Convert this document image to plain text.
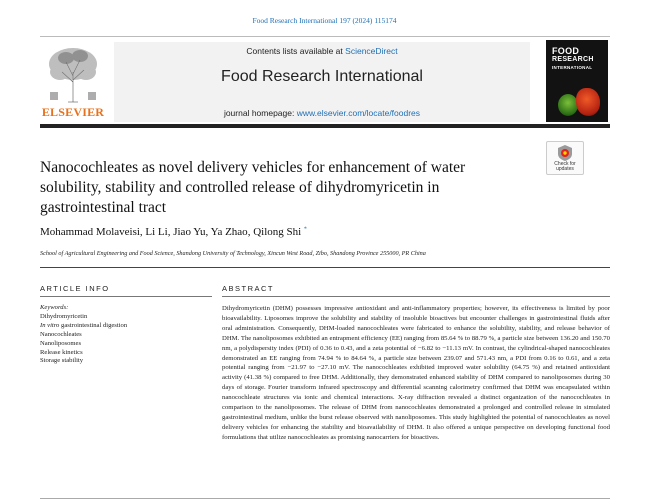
Food Research International 197 (2024) 115174
ELSEVIER
Contents lists available at ScienceDirect
Food Research International
journal homepage: www.elsevier.com/locate/foodres
FOOD
RESEARCH
INTERNATIONAL
Check for
updates
Nanocochleates as novel delivery vehicles for enhancement of water solubility, stability and controlled release of dihydromyricetin in gastrointestinal tract
Mohammad Molaveisi, Li Li, Jiao Yu, Ya Zhao, Qilong Shi *
School of Agricultural Engineering and Food Science, Shandong University of Technology, Xincun West Road, Zibo, Shandong Province 255000, PR China
ARTICLE INFO
Keywords:
Dihydromyricetin
In vitro gastrointestinal digestion
Nanocochleates
Nanoliposomes
Release kinetics
Storage stability
ABSTRACT
Dihydromyricetin (DHM) possesses impressive antioxidant and anti-inflammatory properties; however, its effectiveness is limited by poor bioavailability. Liposomes improve the solubility and stability of insoluble bioactives but encounter challenges in gastrointestinal fluids after oral administration. Consequently, DHM-loaded nanocochleates were fabricated to enhance the solubility, stability, and release behavior of DHM. The nanoliposomes exhibited an entrapment efficiency (EE) ranging from 85.64 % to 88.79 %, a particle size between 136.20 and 150.70 nm, a polydispersity index (PDI) of 0.36 to 0.43, and a zeta potential of −6.82 to −11.13 mV. In contrast, the cylindrical-shaped nanocochleates demonstrated an EE ranging from 74.94 % to 84.64 %, a particle size between 239.07 and 571.43 nm, a PDI from 0.16 to 0.61, and a zeta potential ranging from −21.97 to −27.10 mV. The nanocochleates exhibited improved water solubility (64.75 %) and retained antioxidant activity (41.38 %) compared to free DHM. Additionally, they demonstrated enhanced stability of DHM compared to nanoliposomes during 30 days of storage. Fourier transform infrared spectroscopy and differential scanning calorimetry confirmed that DHM was encapsulated within nanocochleate structures via ionic and chemical interactions. X-ray diffraction revealed a distinct organization of the nanocochleates in comparison to the nanoliposomes. The release of DHM from nanocochleates demonstrated a prolonged and controlled release in simulated gastrointestinal medium, unlike the burst release observed with nanoliposomes. This study highlighted the potential of nanocochleates as novel delivery vehicles for enhancing the stability and bioavailability of DHM. It also offered a unique perspective on developing functional food formulations that utilize nanocochleates as promising nanocarriers for bioactives.
